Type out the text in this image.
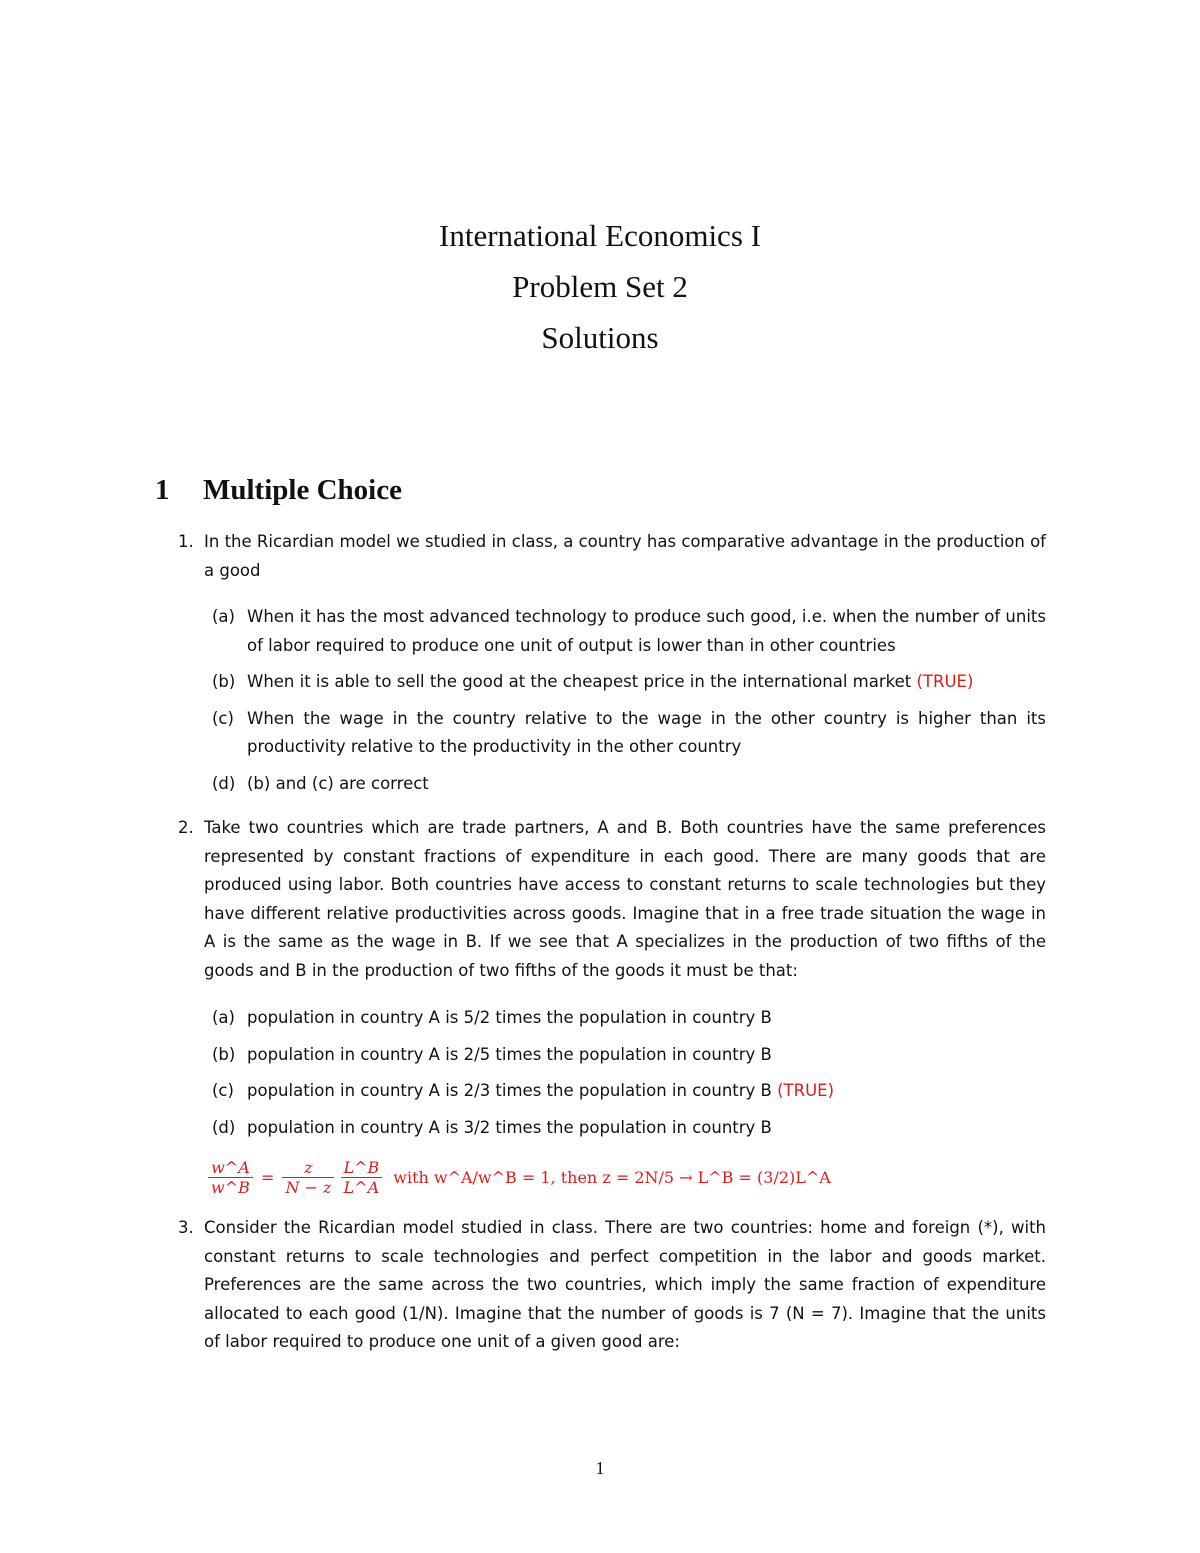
International Economics I
Problem Set 2
Solutions
1 Multiple Choice
1. In the Ricardian model we studied in class, a country has comparative advantage in the production of a good
(a) When it has the most advanced technology to produce such good, i.e. when the number of units of labor required to produce one unit of output is lower than in other countries
(b) When it is able to sell the good at the cheapest price in the international market (TRUE)
(c) When the wage in the country relative to the wage in the other country is higher than its productivity relative to the productivity in the other country
(d) (b) and (c) are correct
2. Take two countries which are trade partners, A and B. Both countries have the same preferences represented by constant fractions of expenditure in each good. There are many goods that are produced using labor. Both countries have access to constant returns to scale technologies but they have different relative productivities across goods. Imagine that in a free trade situation the wage in A is the same as the wage in B. If we see that A specializes in the production of two fifths of the goods and B in the production of two fifths of the goods it must be that:
(a) population in country A is 5/2 times the population in country B
(b) population in country A is 2/5 times the population in country B
(c) population in country A is 2/3 times the population in country B (TRUE)
(d) population in country A is 3/2 times the population in country B
$\frac{w\^{}A}{w\^{}B} = \frac{z}{N - z} \frac{L\^{}B}{L\^{}A}$ with w^A/w^B = 1, then z = 2N/5 → L^B = (3/2)L^A
3. Consider the Ricardian model studied in class. There are two countries: home and foreign (*), with constant returns to scale technologies and perfect competition in the labor and goods market. Preferences are the same across the two countries, which imply the same fraction of expenditure allocated to each good (1/N). Imagine that the number of goods is 7 (N = 7). Imagine that the units of labor required to produce one unit of a given good are:
1
